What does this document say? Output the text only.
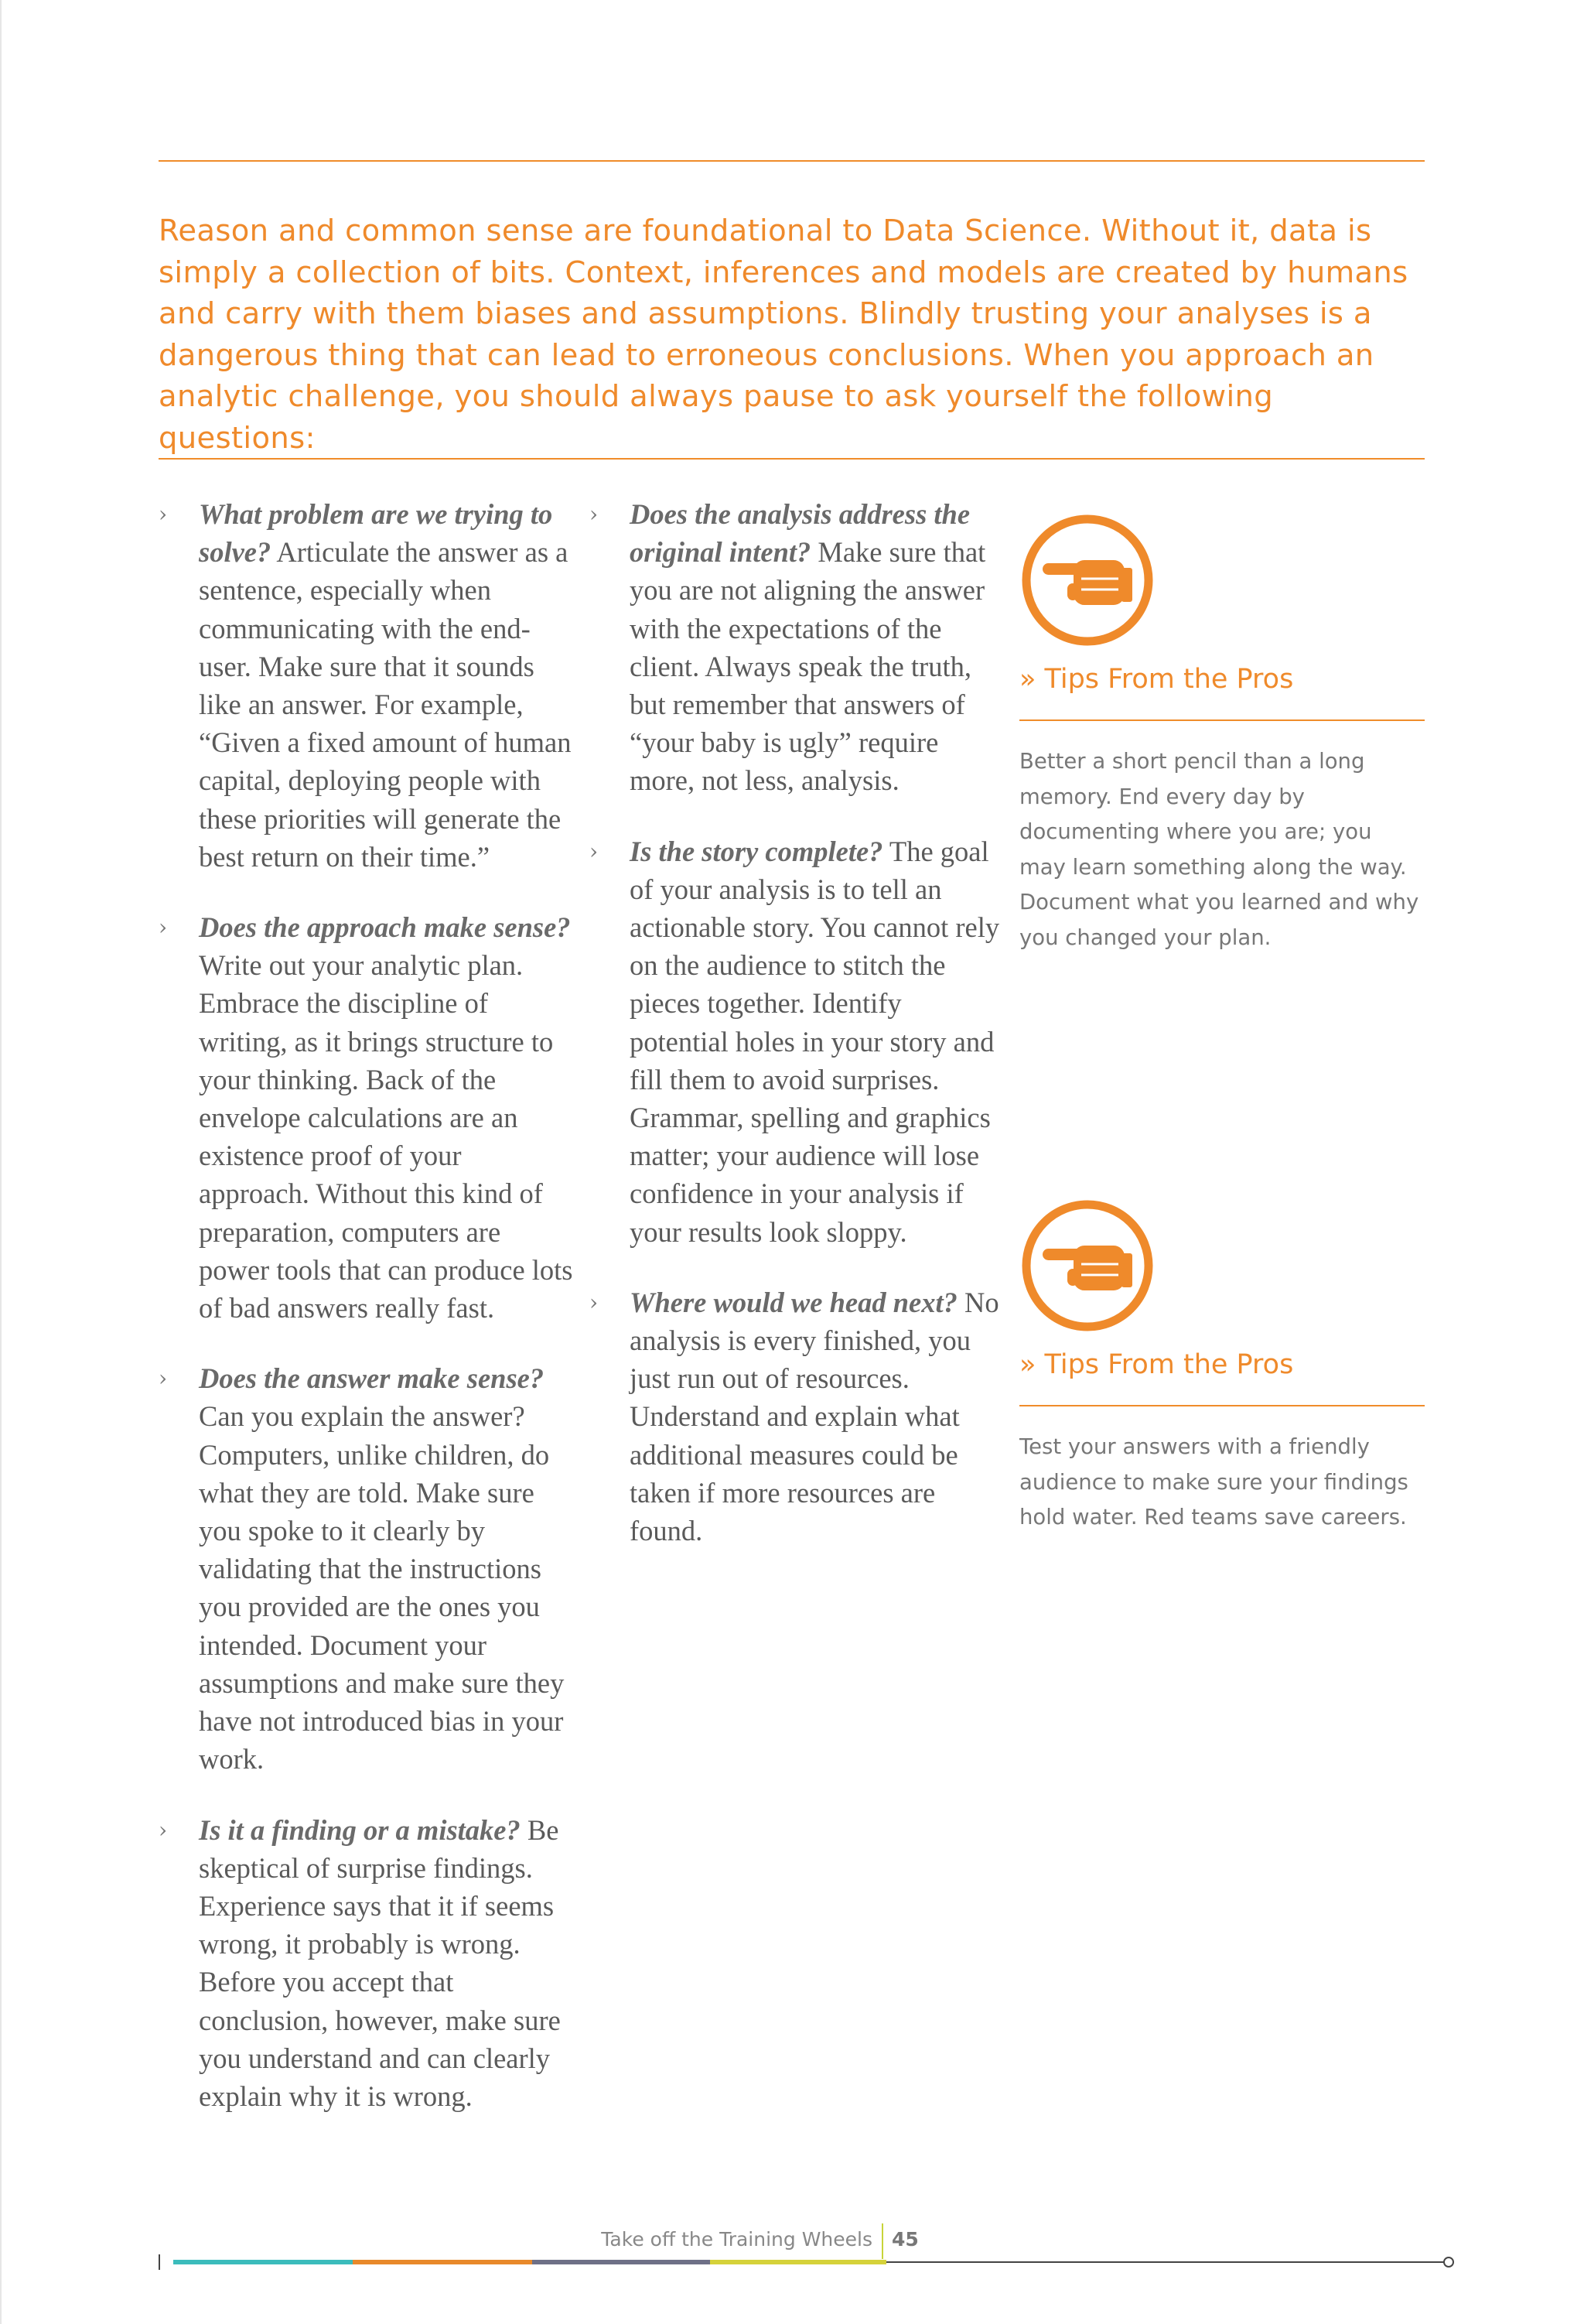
Reason and common sense are foundational to Data Science. Without it, data is simply a collection of bits. Context, inferences and models are created by humans and carry with them biases and assumptions. Blindly trusting your analyses is a dangerous thing that can lead to erroneous conclusions. When you approach an analytic challenge, you should always pause to ask yourself the following questions:
› What problem are we trying to solve? Articulate the answer as a sentence, especially when communicating with the end-user. Make sure that it sounds like an answer. For example, “Given a fixed amount of human capital, deploying people with these priorities will generate the best return on their time.”
› Does the approach make sense? Write out your analytic plan. Embrace the discipline of writing, as it brings structure to your thinking. Back of the envelope calculations are an existence proof of your approach. Without this kind of preparation, computers are power tools that can produce lots of bad answers really fast.
› Does the answer make sense? Can you explain the answer? Computers, unlike children, do what they are told. Make sure you spoke to it clearly by validating that the instructions you provided are the ones you intended. Document your assumptions and make sure they have not introduced bias in your work.
› Is it a finding or a mistake? Be skeptical of surprise findings. Experience says that it if seems wrong, it probably is wrong. Before you accept that conclusion, however, make sure you understand and can clearly explain why it is wrong.
› Does the analysis address the original intent? Make sure that you are not aligning the answer with the expectations of the client. Always speak the truth, but remember that answers of “your baby is ugly” require more, not less, analysis.
› Is the story complete? The goal of your analysis is to tell an actionable story. You cannot rely on the audience to stitch the pieces together. Identify potential holes in your story and fill them to avoid surprises. Grammar, spelling and graphics matter; your audience will lose confidence in your analysis if your results look sloppy.
› Where would we head next? No analysis is every finished, you just run out of resources. Understand and explain what additional measures could be taken if more resources are found.
» Tips From the Pros
Better a short pencil than a long memory. End every day by documenting where you are; you may learn something along the way. Document what you learned and why you changed your plan.
» Tips From the Pros
Test your answers with a friendly audience to make sure your findings hold water. Red teams save careers.
Take off the Training Wheels 45
